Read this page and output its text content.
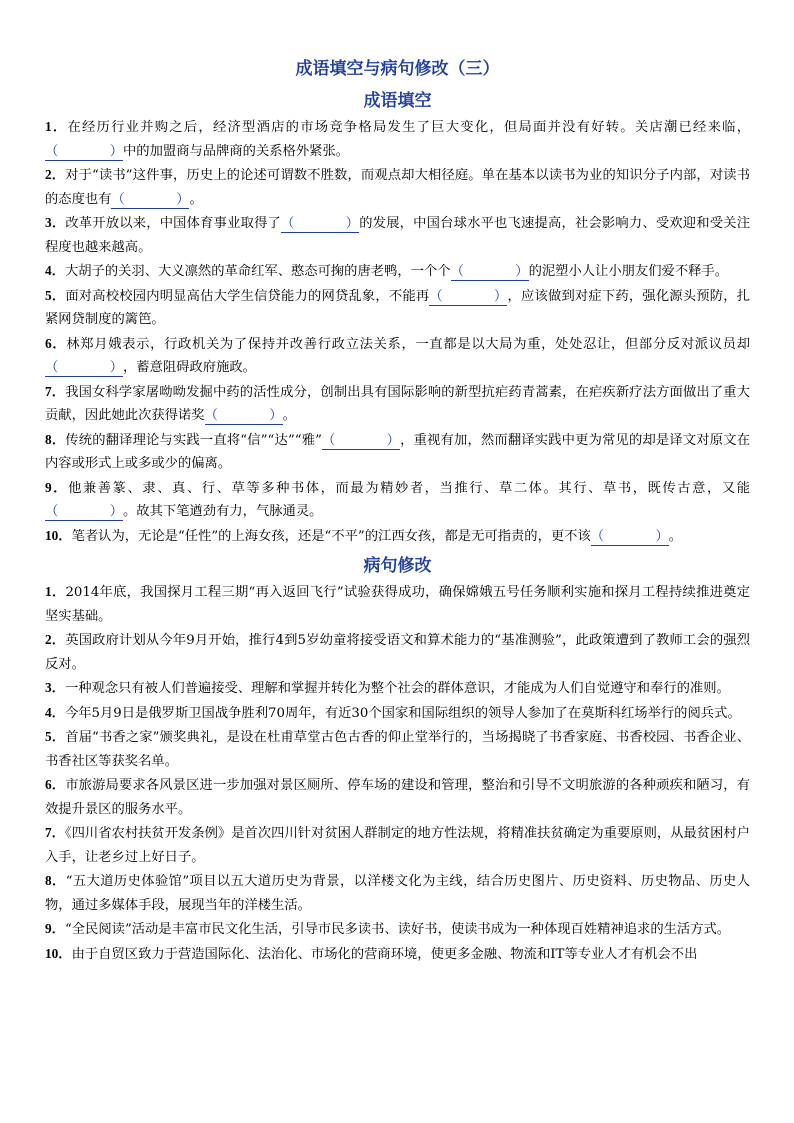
成语填空与病句修改（三）
成语填空

1．在经历行业并购之后，经济型酒店的市场竞争格局发生了巨大变化，但局面并没有好转。关店潮已经来临，（   ）中的加盟商与品牌商的关系格外紧张。

2．对于“读书”这件事，历史上的论述可谓数不胜数，而观点却大相径庭。单在基本以读书为业的知识分子内部，对读书的态度也有 （   ）	。

3．改革开放以来，中国体育事业取得了 （   ）	的发展，中国台球水平也飞速提高，社会影响力、受欢迎和受关注程度也越来越高。

4．大胡子的关羽、大义凛然的革命红军、憨态可掬的唐老鸭，一个个 （   ）	的泥塑小人让小朋友们爱不释手。

5．面对高校校园内明显高估大学生信贷能力的网贷乱象，不能再 （   ）	，应该做到对症下药，强化源头预防，扎紧网贷制度的篱笆。

6．林郑月娥表示，行政机关为了保持并改善行政立法关系，一直都是以大局为重，处处忍让，但部分反对派议员却（   ），蓄意阻碍政府施政。

7．我国女科学家屠呦呦发掘中药的活性成分，创制出具有国际影响的新型抗疟药青蒿素，在疟疾新疗法方面做出了重大贡献，因此她此次获得诺奖 （   ）	。

8．传统的翻译理论与实践一直将“信”“达”“雅” （   ）	，重视有加，然而翻译实践中更为常见的却是译文对原文在内容或形式上或多或少的偏离。

9．他兼善篆、隶、真、行、草等多种书体，而最为精妙者，当推行、草二体。其行、草书，既传古意，又能（   ）。故其下笔遒劲有力，气脉通灵。

10．笔者认为，无论是“任性”的上海女孩，还是“不平”的江西女孩，都是无可指责的，更不该 （   ）	。

病句修改

1．2014年底，我国探月工程三期“再入返回飞行”试验获得成功，确保嫦娥五号任务顺利实施和探月工程持续推进奠定坚实基础。

2．英国政府计划从今年9月开始，推行4到5岁幼童将接受语文和算术能力的“基准测验”，此政策遭到了教师工会的强烈反对。

3．一种观念只有被人们普遍接受、理解和掌握并转化为整个社会的群体意识，才能成为人们自觉遵守和奉行的准则。

4．今年5月9日是俄罗斯卫国战争胜利70周年，有近30个国家和国际组织的领导人参加了在莫斯科红场举行的阅兵式。

5．首届“书香之家”颁奖典礼，是设在杜甫草堂古色古香的仰止堂举行的，当场揭晓了书香家庭、书香校园、书香企业、书香社区等获奖名单。

6．市旅游局要求各风景区进一步加强对景区厕所、停车场的建设和管理，整治和引导不文明旅游的各种顽疾和陋习，有效提升景区的服务水平。

7．《四川省农村扶贫开发条例》是首次四川针对贫困人群制定的地方性法规，将精准扶贫确定为重要原则，从最贫困村户入手，让老乡过上好日子。

8．“五大道历史体验馆”项目以五大道历史为背景，以洋楼文化为主线，结合历史图片、历史资料、历史物品、历史人物，通过多媒体手段，展现当年的洋楼生活。

9．“全民阅读”活动是丰富市民文化生活，引导市民多读书、读好书，使读书成为一种体现百姓精神追求的生活方式。

10．由于自贸区致力于营造国际化、法治化、市场化的营商环境，使更多金融、物流和IT等专业人才有机会不出
